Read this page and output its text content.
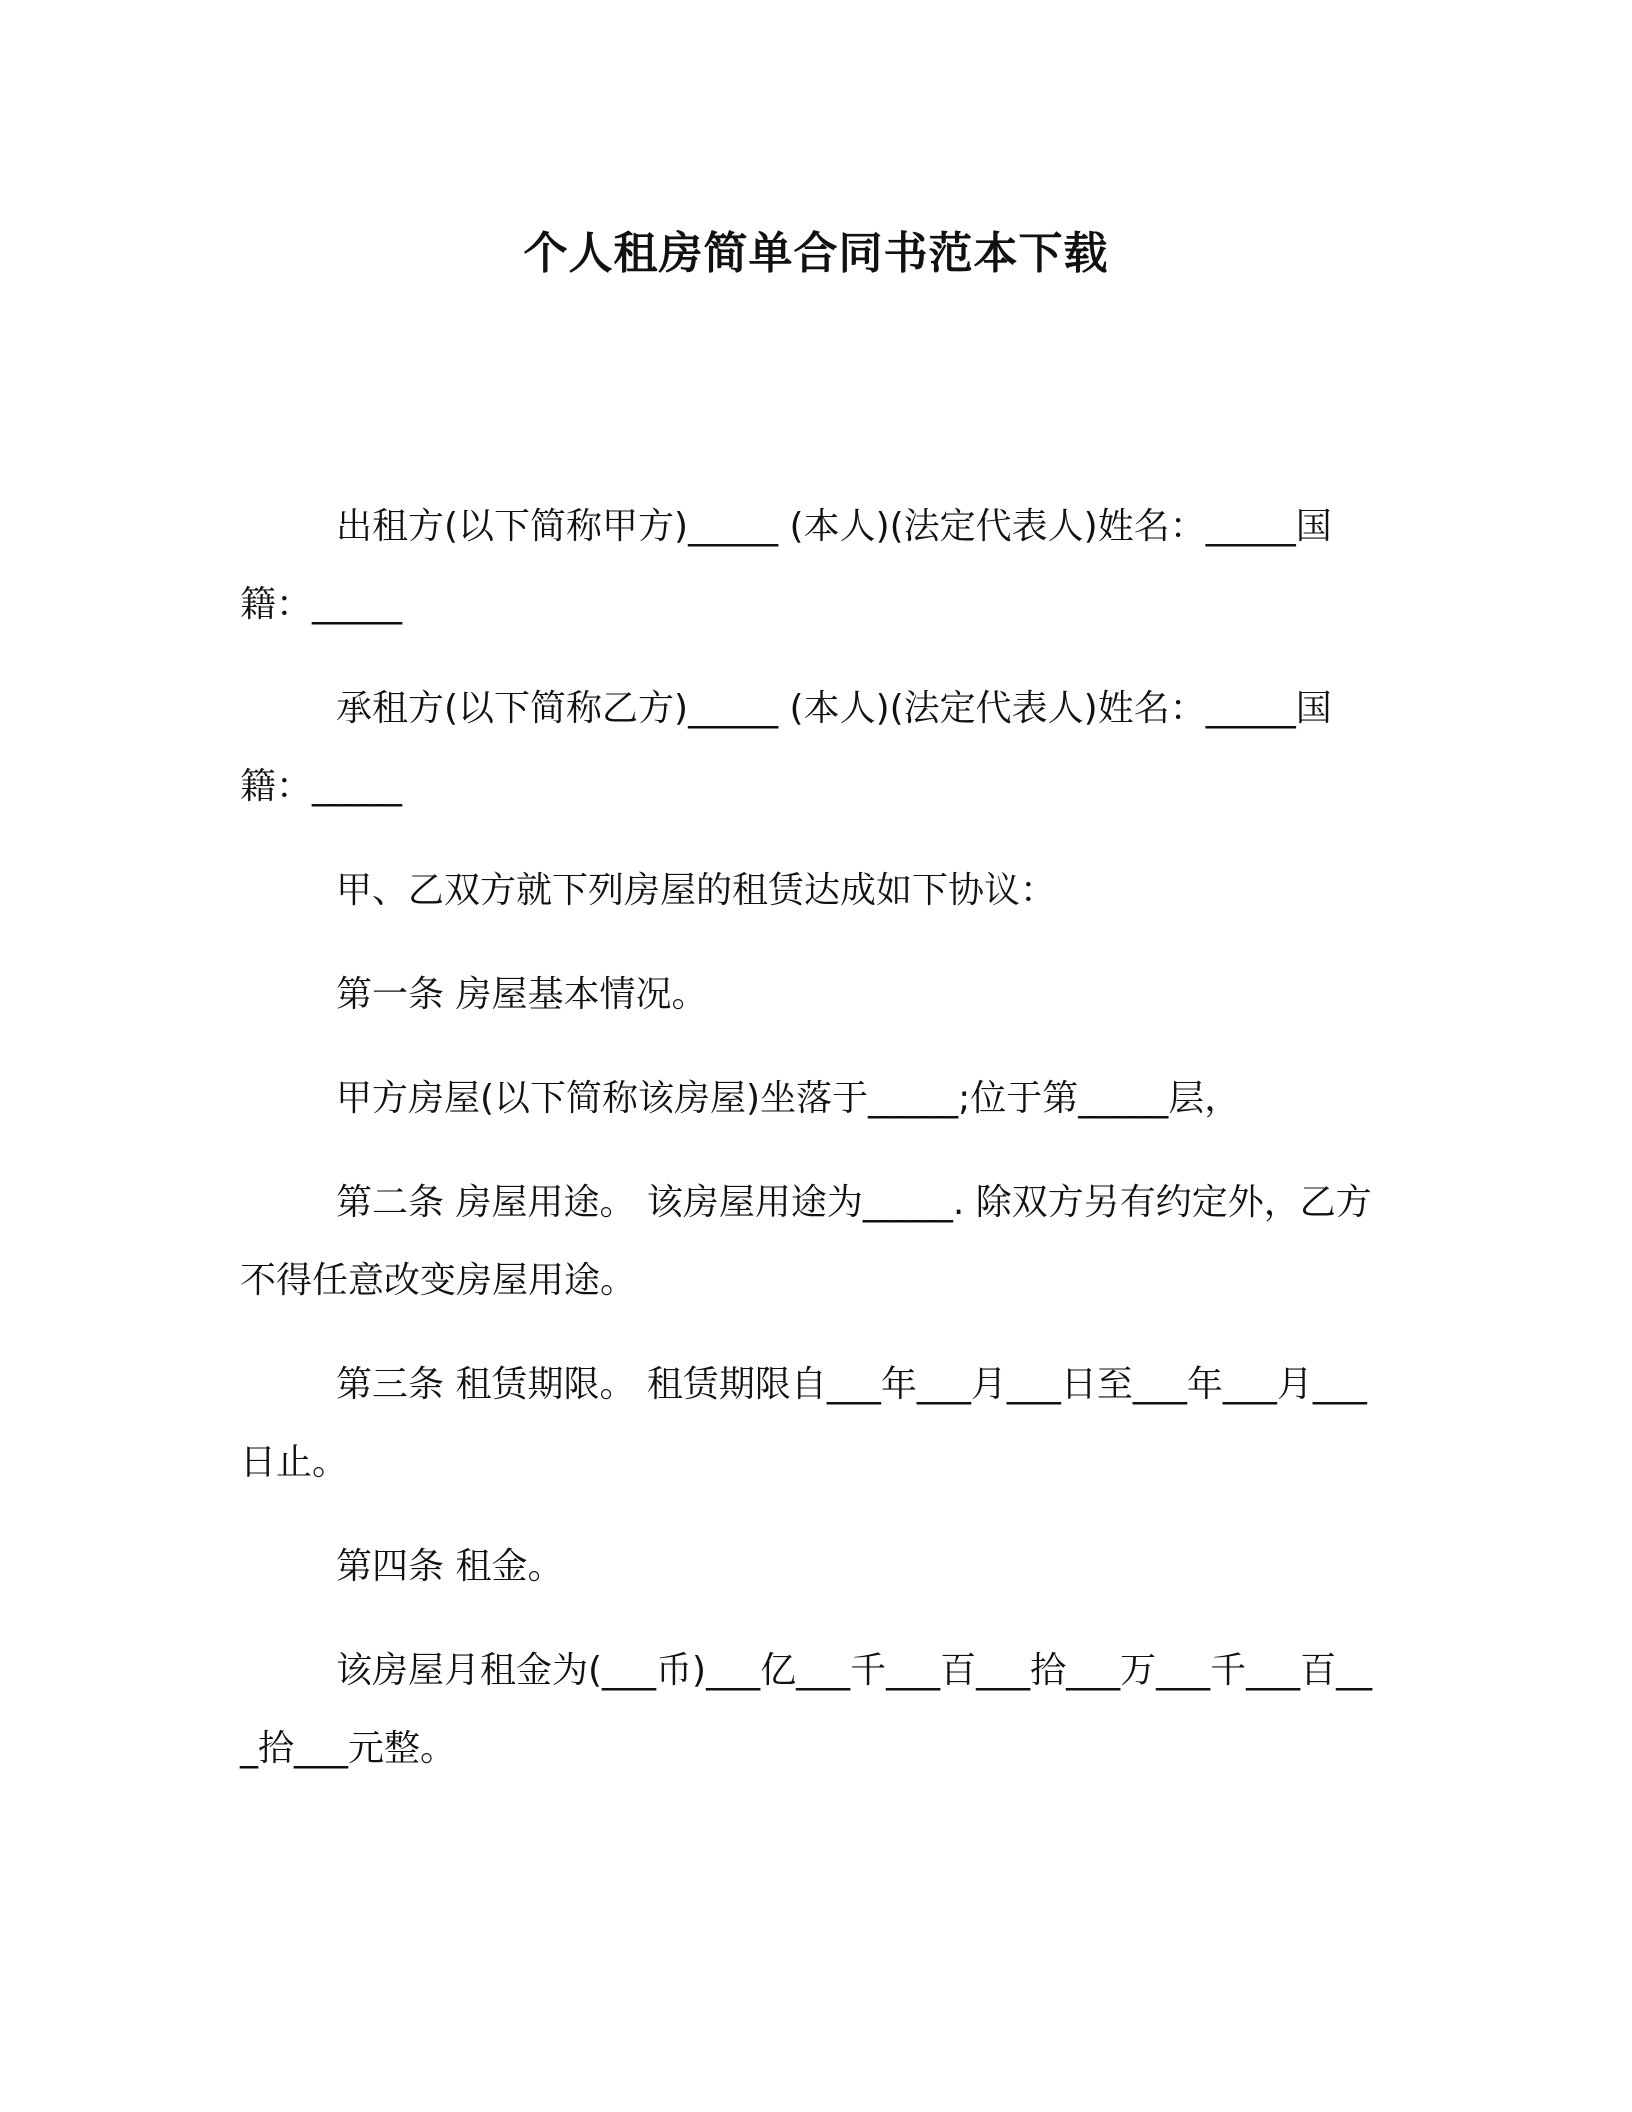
个人租房简单合同书范本下载

出租方(以下简称甲方)_____ (本人)(法定代表人)姓名：_____国籍：_____

承租方(以下简称乙方)_____ (本人)(法定代表人)姓名：_____国籍：_____

甲、乙双方就下列房屋的租赁达成如下协议：

第一条 房屋基本情况。

甲方房屋(以下简称该房屋)坐落于_____;位于第_____层，

第二条 房屋用途。 该房屋用途为_____. 除双方另有约定外，乙方不得任意改变房屋用途。

第三条 租赁期限。 租赁期限自___年___月___日至___年___月___日止。

第四条 租金。

该房屋月租金为(___币)___亿___千___百___拾___万___千___百___拾___元整。
